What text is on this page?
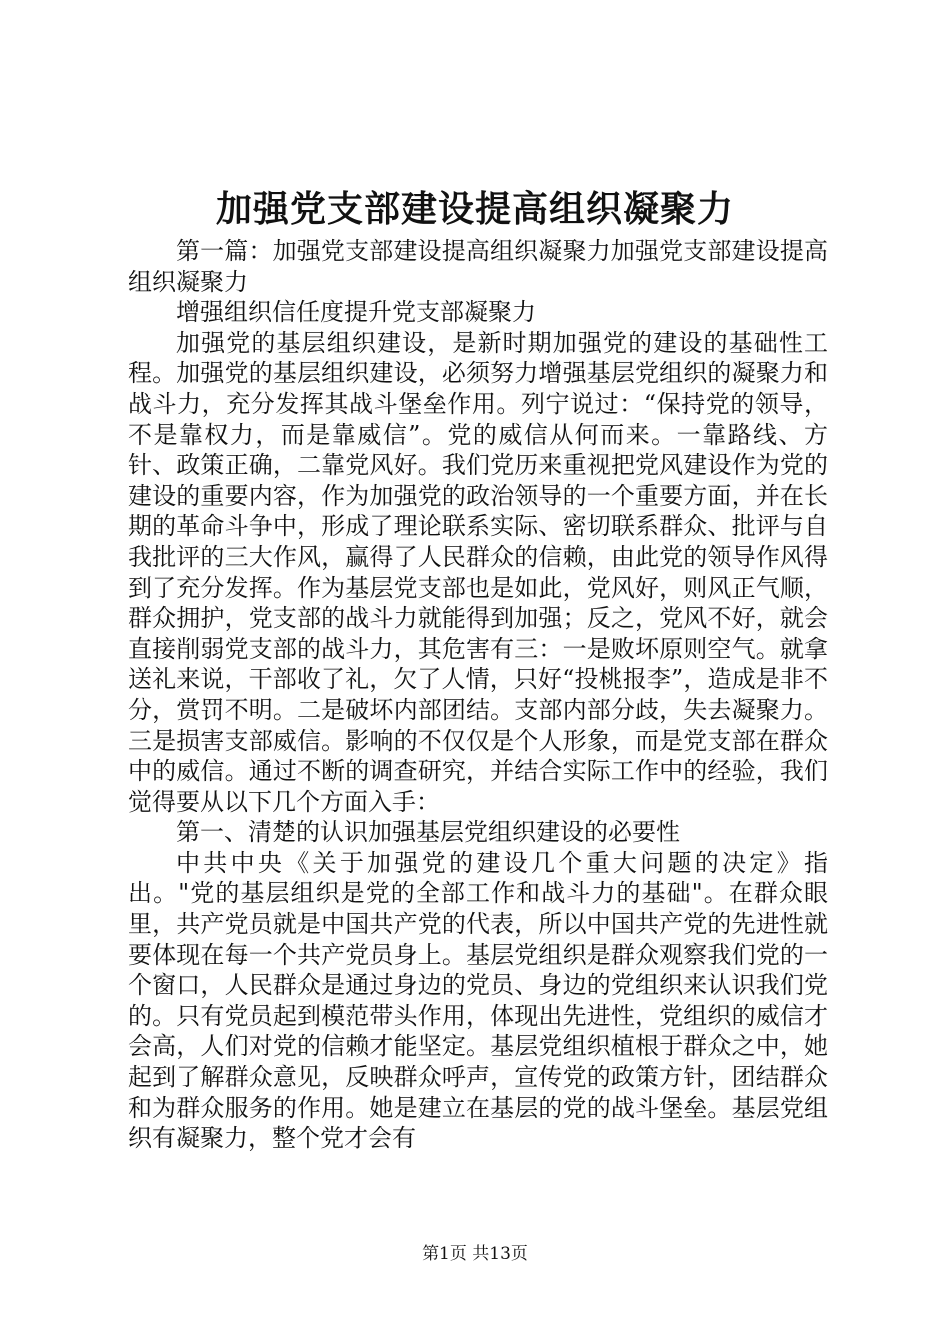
加强党支部建设提高组织凝聚力

第一篇：加强党支部建设提高组织凝聚力加强党支部建设提高组织凝聚力

增强组织信任度提升党支部凝聚力

加强党的基层组织建设，是新时期加强党的建设的基础性工程。加强党的基层组织建设，必须努力增强基层党组织的凝聚力和战斗力，充分发挥其战斗堡垒作用。列宁说过：“保持党的领导，不是靠权力，而是靠威信”。党的威信从何而来。一靠路线、方针、政策正确，二靠党风好。我们党历来重视把党风建设作为党的建设的重要内容，作为加强党的政治领导的一个重要方面，并在长期的革命斗争中，形成了理论联系实际、密切联系群众、批评与自我批评的三大作风，赢得了人民群众的信赖，由此党的领导作风得到了充分发挥。作为基层党支部也是如此，党风好，则风正气顺，群众拥护，党支部的战斗力就能得到加强；反之，党风不好，就会直接削弱党支部的战斗力，其危害有三：一是败坏原则空气。就拿送礼来说，干部收了礼，欠了人情，只好“投桃报李”，造成是非不分，赏罚不明。二是破坏内部团结。支部内部分歧，失去凝聚力。三是损害支部威信。影响的不仅仅是个人形象，而是党支部在群众中的威信。通过不断的调查研究，并结合实际工作中的经验，我们觉得要从以下几个方面入手：

第一、清楚的认识加强基层党组织建设的必要性

中共中央《关于加强党的建设几个重大问题的决定》指出。"党的基层组织是党的全部工作和战斗力的基础"。在群众眼里，共产党员就是中国共产党的代表，所以中国共产党的先进性就要体现在每一个共产党员身上。基层党组织是群众观察我们党的一个窗口，人民群众是通过身边的党员、身边的党组织来认识我们党的。只有党员起到模范带头作用，体现出先进性，党组织的威信才会高，人们对党的信赖才能坚定。基层党组织植根于群众之中，她起到了解群众意见，反映群众呼声，宣传党的政策方针，团结群众和为群众服务的作用。她是建立在基层的党的战斗堡垒。基层党组织有凝聚力，整个党才会有

第1页 共13页
